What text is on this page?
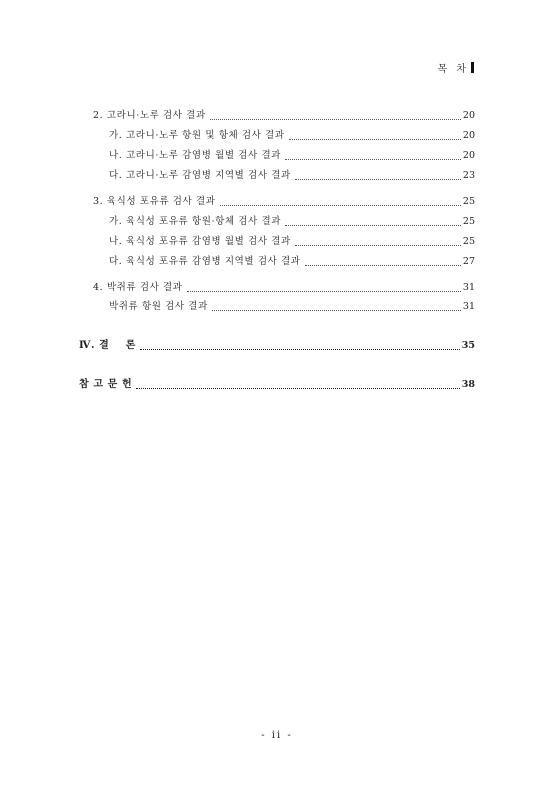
목 차
2. 고라니·노루 검사 결과	20
가. 고라니·노루 항원 및 항체 검사 결과	20
나. 고라니·노루 감염병 월별 검사 결과	20
다. 고라니·노루 감염병 지역별 검사 결과	23
3. 육식성 포유류 검사 결과	25
가. 육식성 포유류 항원·항체 검사 결과	25
나. 육식성 포유류 감염병 월별 검사 결과	25
다. 육식성 포유류 감염병 지역별 검사 결과	27
4. 박쥐류 검사 결과	31
박쥐류 항원 검사 결과	31
Ⅳ. 결    론	35
참 고 문 헌	38
- ii -
